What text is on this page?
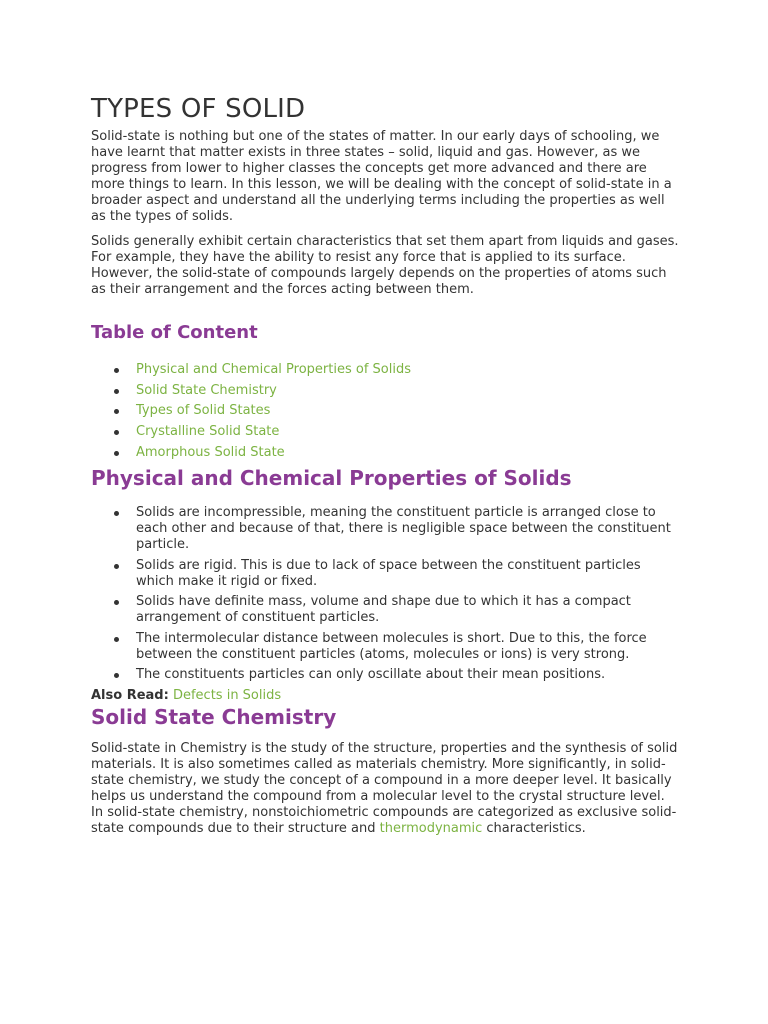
TYPES OF SOLID

Solid-state is nothing but one of the states of matter. In our early days of schooling, we have learnt that matter exists in three states – solid, liquid and gas. However, as we progress from lower to higher classes the concepts get more advanced and there are more things to learn. In this lesson, we will be dealing with the concept of solid-state in a broader aspect and understand all the underlying terms including the properties as well as the types of solids.

Solids generally exhibit certain characteristics that set them apart from liquids and gases. For example, they have the ability to resist any force that is applied to its surface. However, the solid-state of compounds largely depends on the properties of atoms such as their arrangement and the forces acting between them.

Table of Content
Physical and Chemical Properties of Solids
Solid State Chemistry
Types of Solid States
Crystalline Solid State
Amorphous Solid State
Physical and Chemical Properties of Solids
Solids are incompressible, meaning the constituent particle is arranged close to each other and because of that, there is negligible space between the constituent particle.
Solids are rigid. This is due to lack of space between the constituent particles which make it rigid or fixed.
Solids have definite mass, volume and shape due to which it has a compact arrangement of constituent particles.
The intermolecular distance between molecules is short. Due to this, the force between the constituent particles (atoms, molecules or ions) is very strong.
The constituents particles can only oscillate about their mean positions.
Also Read: Defects in Solids
Solid State Chemistry

Solid-state in Chemistry is the study of the structure, properties and the synthesis of solid materials. It is also sometimes called as materials chemistry. More significantly, in solid-state chemistry, we study the concept of a compound in a more deeper level. It basically helps us understand the compound from a molecular level to the crystal structure level.
In solid-state chemistry, nonstoichiometric compounds are categorized as exclusive solid-state compounds due to their structure and thermodynamic characteristics.
